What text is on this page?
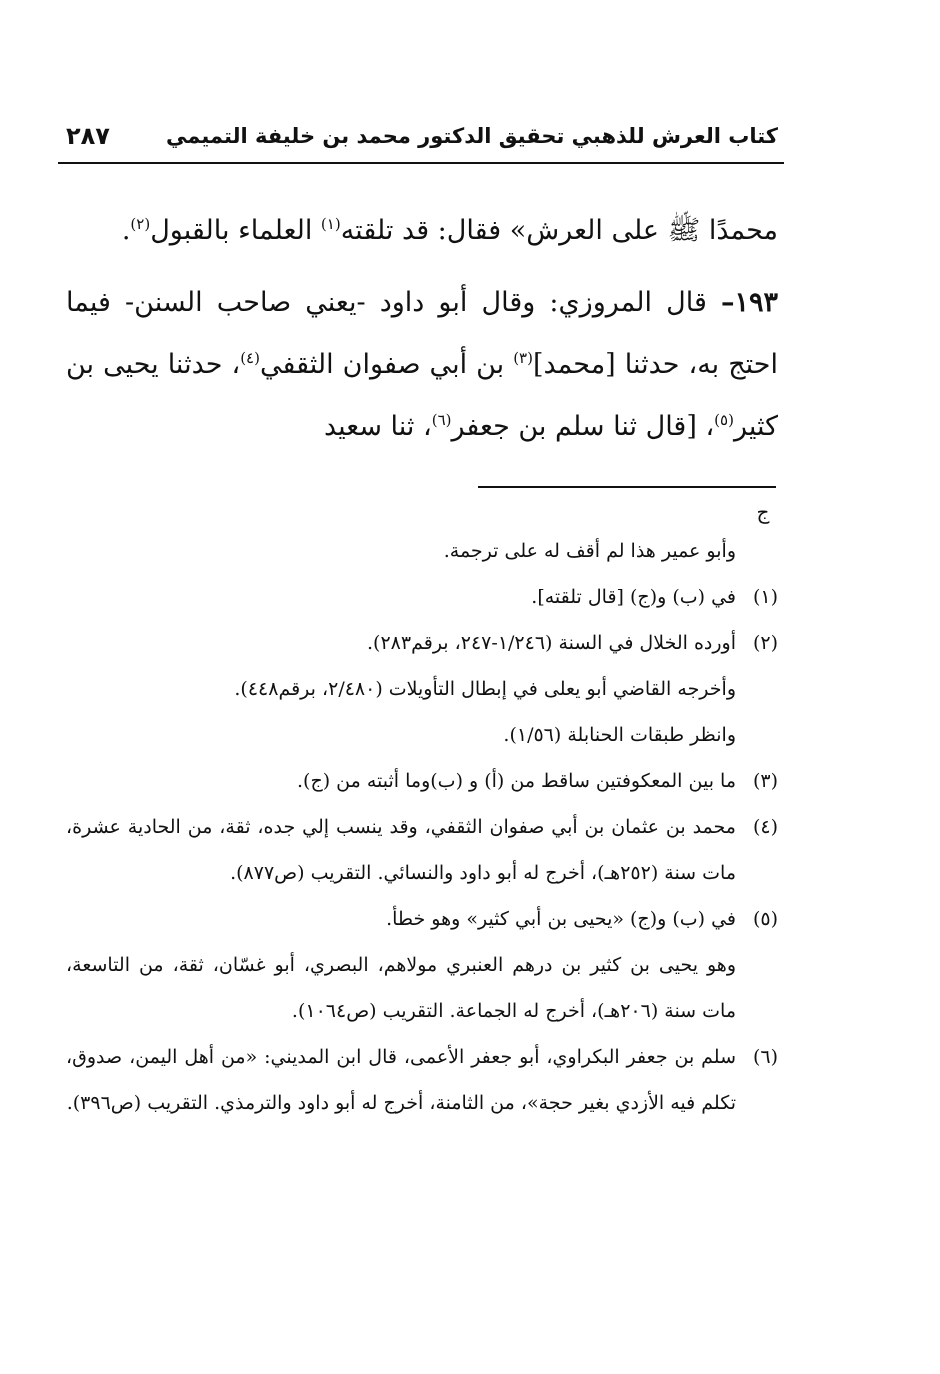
كتاب العرش للذهبي تحقيق الدكتور محمد بن خليفة التميمي
٢٨٧

محمدًا ﷺ على العرش» فقال: قد تلقته$^{(١)}$ العلماء بالقبول$^{(٢)}$.

١٩٣– قال المروزي: وقال أبو داود -يعني صاحب السنن- فيما احتج به، حدثنا [محمد]$^{(٣)}$ بن أبي صفوان الثقفي$^{(٤)}$، حدثنا يحيى بن كثير$^{(٥)}$، [قال ثنا سلم بن جعفر$^{(٦)}$، ثنا سعيد

ج
وأبو عمير هذا لم أقف له على ترجمة.
(١)
في (ب) و(ج) [قال تلقته].
(٢)
أورده الخلال في السنة (١/٢٤٦-٢٤٧، برقم٢٨٣).
وأخرجه القاضي أبو يعلى في إبطال التأويلات (٢/٤٨٠، برقم٤٤٨).
وانظر طبقات الحنابلة (١/٥٦).
(٣)
ما بين المعكوفتين ساقط من (أ) و (ب)وما أثبته من (ج).
(٤)
محمد بن عثمان بن أبي صفوان الثقفي، وقد ينسب إلي جده، ثقة، من الحادية عشرة، مات سنة (٢٥٢هـ)، أخرج له أبو داود والنسائي. التقريب (ص٨٧٧).
(٥)
في (ب) و(ج) «يحيى بن أبي كثير» وهو خطأ.
وهو يحيى بن كثير بن درهم العنبري مولاهم، البصري، أبو غسّان، ثقة، من التاسعة، مات سنة (٢٠٦هـ)، أخرج له الجماعة. التقريب (ص١٠٦٤).
(٦)
سلم بن جعفر البكراوي، أبو جعفر الأعمى، قال ابن المديني: «من أهل اليمن، صدوق، تكلم فيه الأزدي بغير حجة»، من الثامنة، أخرج له أبو داود والترمذي. التقريب (ص٣٩٦).
